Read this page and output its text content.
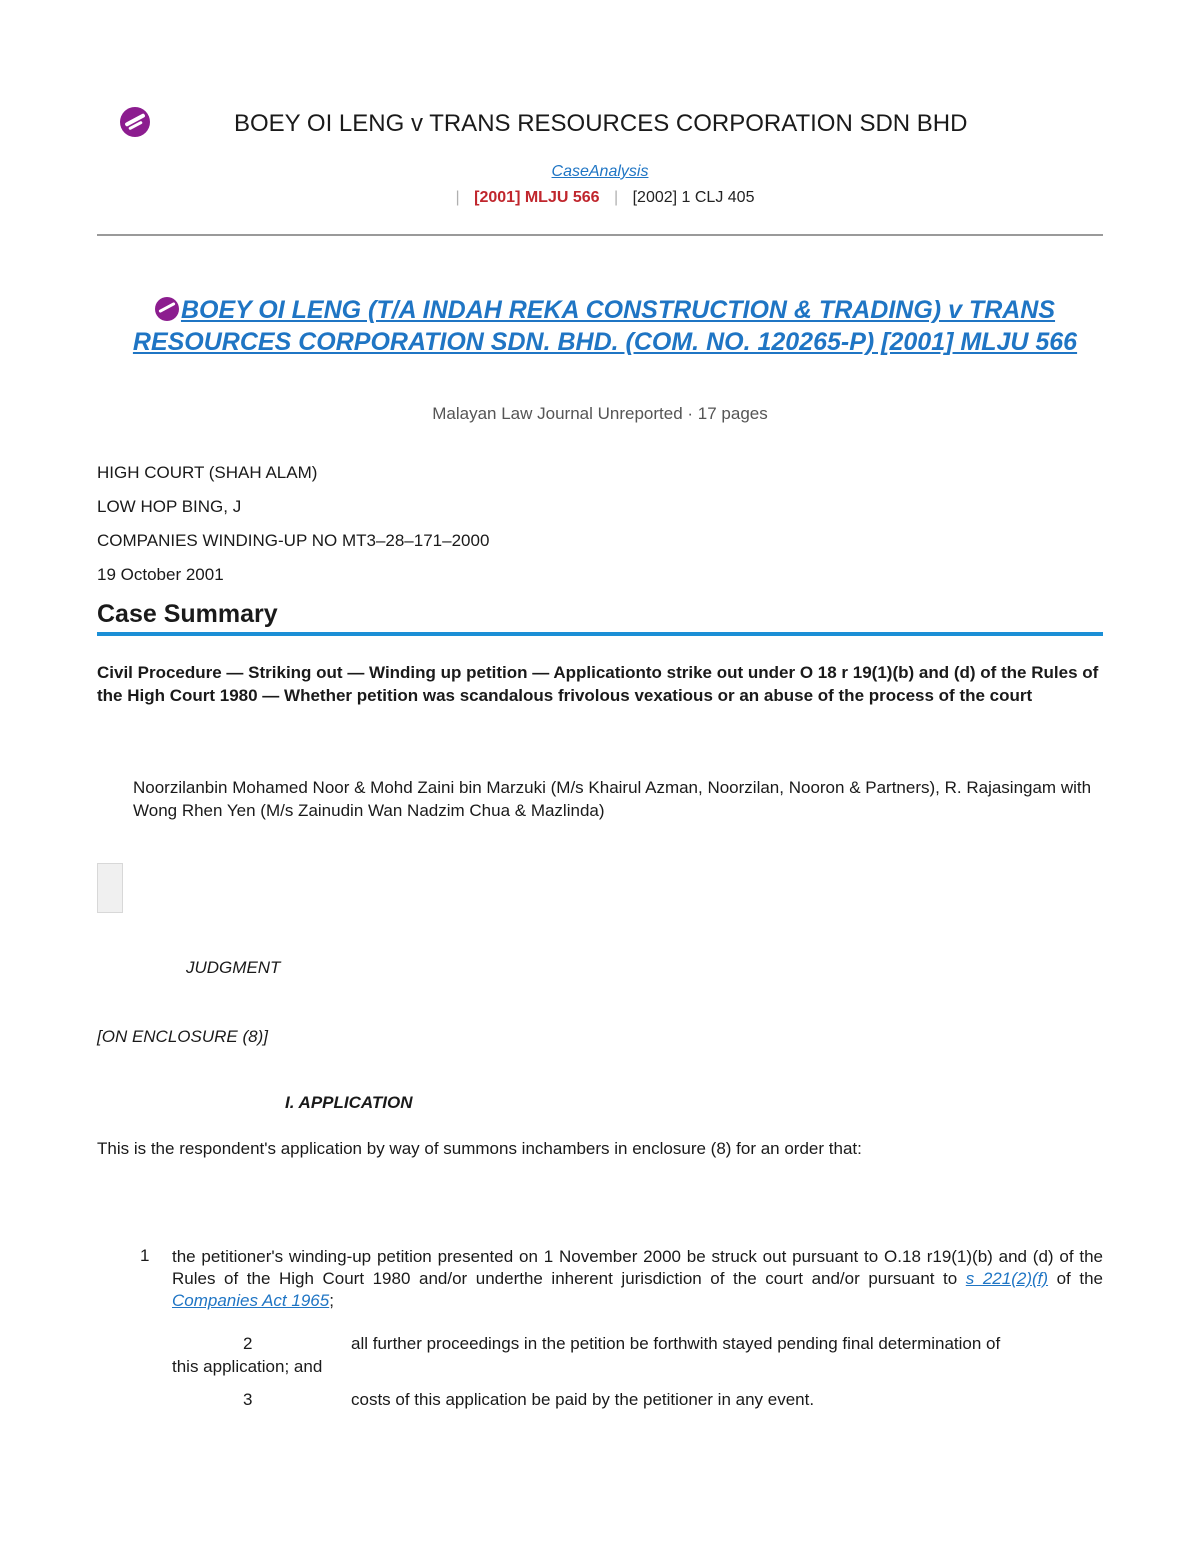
BOEY OI LENG v TRANS RESOURCES CORPORATION SDN BHD
CaseAnalysis
| [2001] MLJU 566 | [2002] 1 CLJ 405
BOEY OI LENG (T/A INDAH REKA CONSTRUCTION & TRADING) v TRANS RESOURCES CORPORATION SDN. BHD. (COM. NO. 120265-P) [2001] MLJU 566
Malayan Law Journal Unreported · 17 pages
HIGH COURT (SHAH ALAM)
LOW HOP BING, J
COMPANIES WINDING-UP NO MT3–28–171–2000
19 October 2001
Case Summary
Civil Procedure — Striking out — Winding up petition — Applicationto strike out under O 18 r 19(1)(b) and (d) of the Rules of the High Court 1980 — Whether petition was scandalous frivolous vexatious or an abuse of the process of the court
Noorzilanbin Mohamed Noor & Mohd Zaini bin Marzuki (M/s Khairul Azman, Noorzilan, Nooron & Partners), R. Rajasingam with Wong Rhen Yen (M/s Zainudin Wan Nadzim Chua & Mazlinda)
JUDGMENT
[ON ENCLOSURE (8)]
I. APPLICATION
This is the respondent's application by way of summons inchambers in enclosure (8) for an order that:
1 the petitioner's winding-up petition presented on 1 November 2000 be struck out pursuant to O.18 r19(1)(b) and (d) of the Rules of the High Court 1980 and/or underthe inherent jurisdiction of the court and/or pursuant to s 221(2)(f) of the Companies Act 1965;
2	all further proceedings in the petition be forthwith stayed pending final determination of
this application; and
3	costs of this application be paid by the petitioner in any event.
